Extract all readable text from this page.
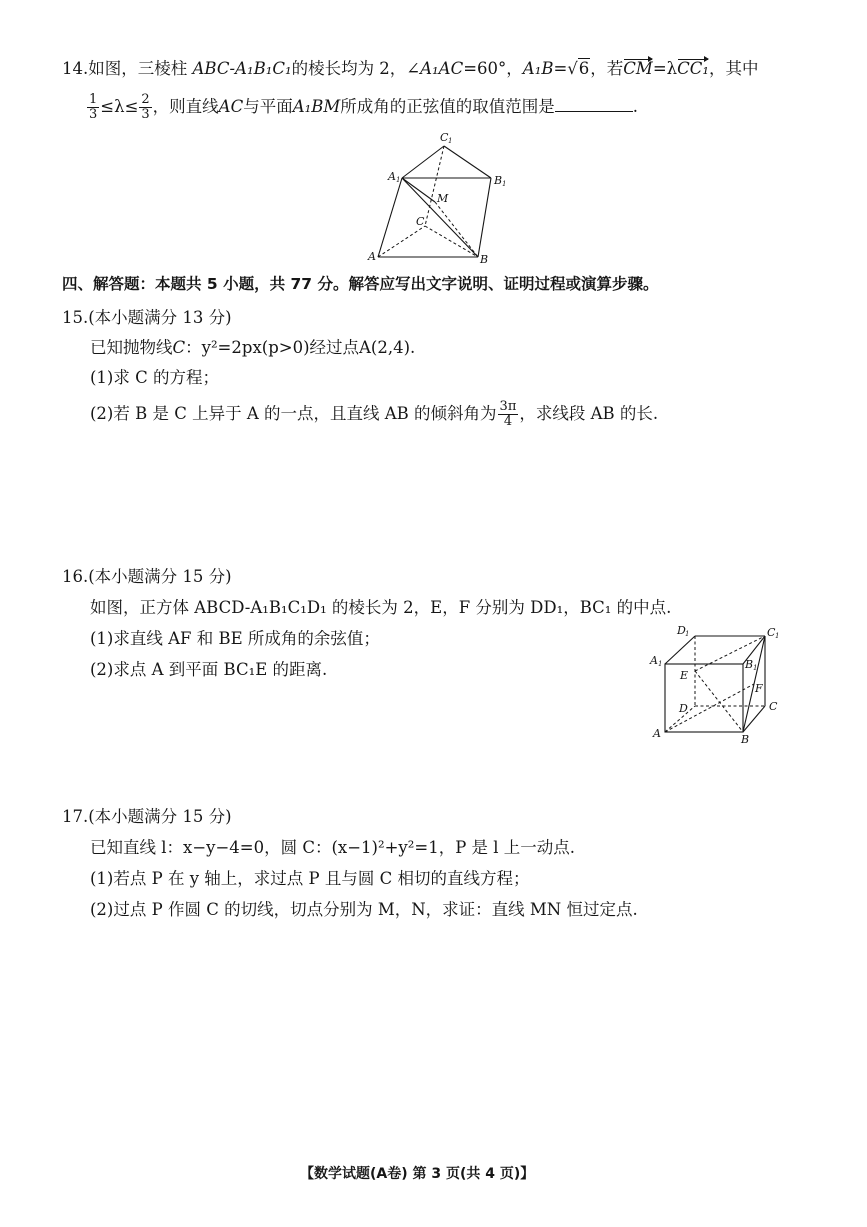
14.如图，三棱柱 ABC-A₁B₁C₁的棱长均为 2，∠A₁AC=60°，A₁B=√6，若CM=λCC₁，其中
$\frac{1}{3} \le\lambda\le \frac{2}{3}$ ，则直线AC与平面A₁BM所成角的正弦值的取值范围是	.
C 1
A 1	B 1
M
C
A	B
四、解答题：本题共 5 小题，共 77 分。解答应写出文字说明、证明过程或演算步骤。
15.(本小题满分 13 分)
已知抛物线C：y²=2px(p>0)经过点A(2,4).
(1)求 C 的方程；
(2)若 B 是 C 上异于 A 的一点，且直线 AB 的倾斜角为 $\frac{3\pi}{4}$ ，求线段 AB 的长.
16.(本小题满分 15 分)
如图，正方体 ABCD-A₁B₁C₁D₁ 的棱长为 2，E，F 分别为 DD₁，BC₁ 的中点.
(1)求直线 AF 和 BE 所成角的余弦值；
(2)求点 A 到平面 BC₁E 的距离.
D 1	C 1
A 1	B 1
E
F
D	C
A	B
17.(本小题满分 15 分)
已知直线 l：x−y−4=0，圆 C：(x−1)²+y²=1，P 是 l 上一动点.
(1)若点 P 在 y 轴上，求过点 P 且与圆 C 相切的直线方程；
(2)过点 P 作圆 C 的切线，切点分别为 M，N，求证：直线 MN 恒过定点.
【数学试题(A卷) 第 3 页(共 4 页)】
